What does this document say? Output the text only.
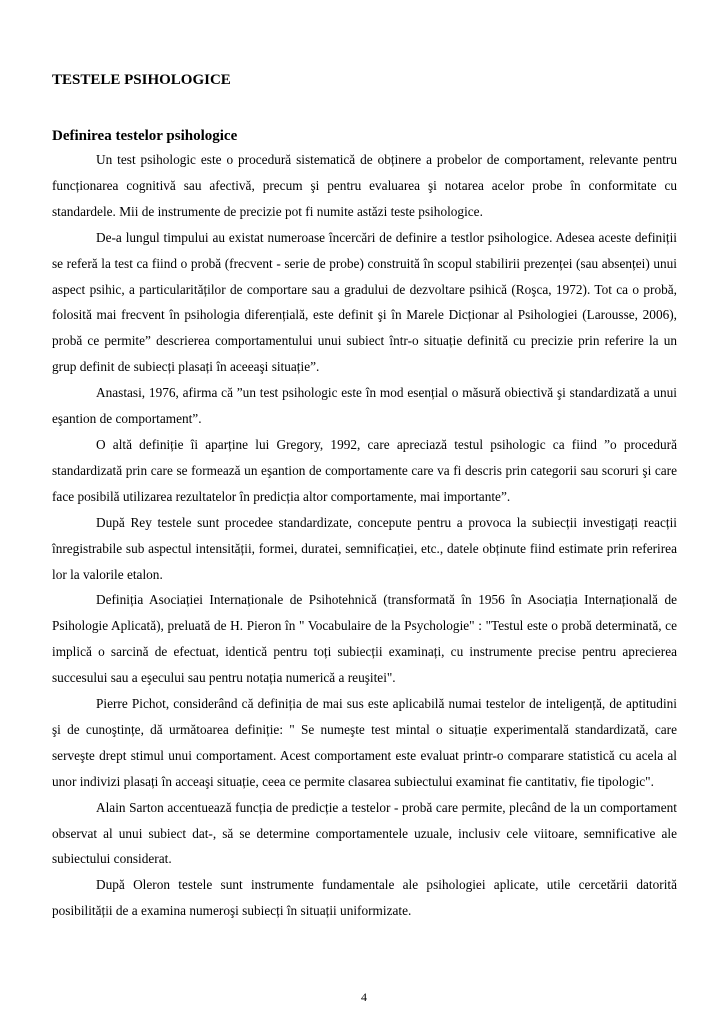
TESTELE PSIHOLOGICE
Definirea testelor psihologice

Un test psihologic este o procedură sistematică de obținere a probelor de comportament, relevante pentru funcționarea cognitivă sau afectivă, precum şi pentru evaluarea şi notarea acelor probe în conformitate cu standardele. Mii de instrumente de precizie pot fi numite astăzi teste psihologice.

De-a lungul timpului au existat numeroase încercări de definire a testlor psihologice. Adesea aceste definiții se referă la test ca fiind o probă (frecvent - serie de probe) construită în scopul stabilirii prezenței (sau absenței) unui aspect psihic, a particularităților de comportare sau a gradului de dezvoltare psihică (Roşca, 1972). Tot ca o probă, folosită mai frecvent în psihologia diferențială, este definit şi în Marele Dicționar al Psihologiei (Larousse, 2006), probă ce permite” descrierea comportamentului unui subiect într-o situație definită cu precizie prin referire la un grup definit de subiecți plasați în aceeaşi situație”.

Anastasi, 1976, afirma că ”un test psihologic este în mod esențial o măsură obiectivă şi standardizată a unui eşantion de comportament”.

O altă definiție îi aparține lui Gregory, 1992, care apreciază testul psihologic ca fiind ”o procedură standardizată prin care se formează un eşantion de comportamente care va fi descris prin categorii sau scoruri şi care face posibilă utilizarea rezultatelor în predicția altor comportamente, mai importante”.

După Rey testele sunt procedee standardizate, concepute pentru a provoca la subiecții investigați reacții înregistrabile sub aspectul intensității, formei, duratei, semnificației, etc., datele obținute fiind estimate prin referirea lor la valorile etalon.

Definiția Asociației Internaționale de Psihotehnică (transformată în 1956 în Asociația Internațională de Psihologie Aplicată), preluată de H. Pieron în " Vocabulaire de la Psychologie" : "Testul este o probă determinată, ce implică o sarcină de efectuat, identică pentru toți subiecții examinați, cu instrumente precise pentru aprecierea succesului sau a eşecului sau pentru notația numerică a reuşitei".

Pierre Pichot, considerând că definiția de mai sus este aplicabilă numai testelor de inteligență, de aptitudini şi de cunoştințe, dă următoarea definiție: " Se numeşte test mintal o situație experimentală standardizată, care serveşte drept stimul unui comportament. Acest comportament este evaluat printr-o comparare statistică cu acela al unor indivizi plasați în acceaşi situație, ceea ce permite clasarea subiectului examinat fie cantitativ, fie tipologic".

Alain Sarton accentuează funcția de predicție a testelor - probă care permite, plecând de la un comportament observat al unui subiect dat-, să se determine comportamentele uzuale, inclusiv cele viitoare, semnificative ale subiectului considerat.

După Oleron testele sunt instrumente fundamentale ale psihologiei aplicate, utile cercetării datorită posibilității de a examina numeroşi subiecți în situații uniformizate.

4
